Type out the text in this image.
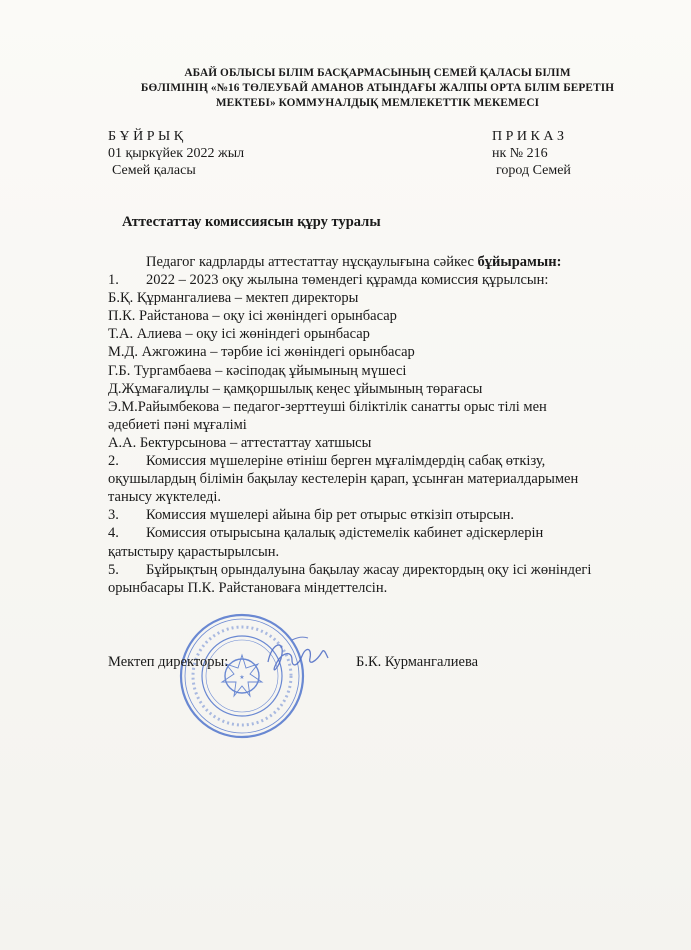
АБАЙ ОБЛЫСЫ БІЛІМ БАСҚАРМАСЫНЫҢ СЕМЕЙ ҚАЛАСЫ БІЛІМ
БӨЛІМІНІҢ «№16 ТӨЛЕУБАЙ АМАНОВ АТЫНДАҒЫ ЖАЛПЫ ОРТА БІЛІМ БЕРЕТІН
МЕКТЕБІ» КОММУНАЛДЫҚ МЕМЛЕКЕТТІК МЕКЕМЕСІ
Б Ұ Й Р Ы Қ
01 қыркүйек 2022 жыл
Семей қаласы
П Р И К А З
нк № 216
город Семей
Аттестаттау комиссиясын құру туралы
Педагог кадрларды аттестаттау нұсқаулығына сәйкес бұйырамын:
1. 2022 – 2023 оқу жылына төмендегі құрамда комиссия құрылсын:
Б.Қ. Құрмангалиева – мектеп директоры
П.К. Райстанова – оқу ісі жөніндегі орынбасар
Т.А. Алиева – оқу ісі жөніндегі орынбасар
М.Д. Ажгожина – тәрбие ісі жөніндегі орынбасар
Г.Б. Тургамбаева – кәсіподақ ұйымының мүшесі
Д.Жұмағалиұлы – қамқоршылық кеңес ұйымының төрағасы
Э.М.Райымбекова – педагог-зерттеуші біліктілік санатты орыс тілі мен
әдебиеті пәні мұғалімі
А.А. Бектурсынова – аттестаттау хатшысы
2. Комиссия мүшелеріне өтініш берген мұғалімдердің сабақ өткізу,
оқушылардың білімін бақылау кестелерін қарап, ұсынған материалдарымен
танысу жүктеледі.
3. Комиссия мүшелері айына бір рет отырыс өткізіп отырсын.
4. Комиссия отырысына қалалық әдістемелік кабинет әдіскерлерін
қатыстыру қарастырылсын.
5. Бұйрықтың орындалуына бақылау жасау директордың оқу ісі жөніндегі
орынбасары П.К. Райстановаға міндеттелсін.
★
Мектеп директоры:	Б.К. Курмангалиева
